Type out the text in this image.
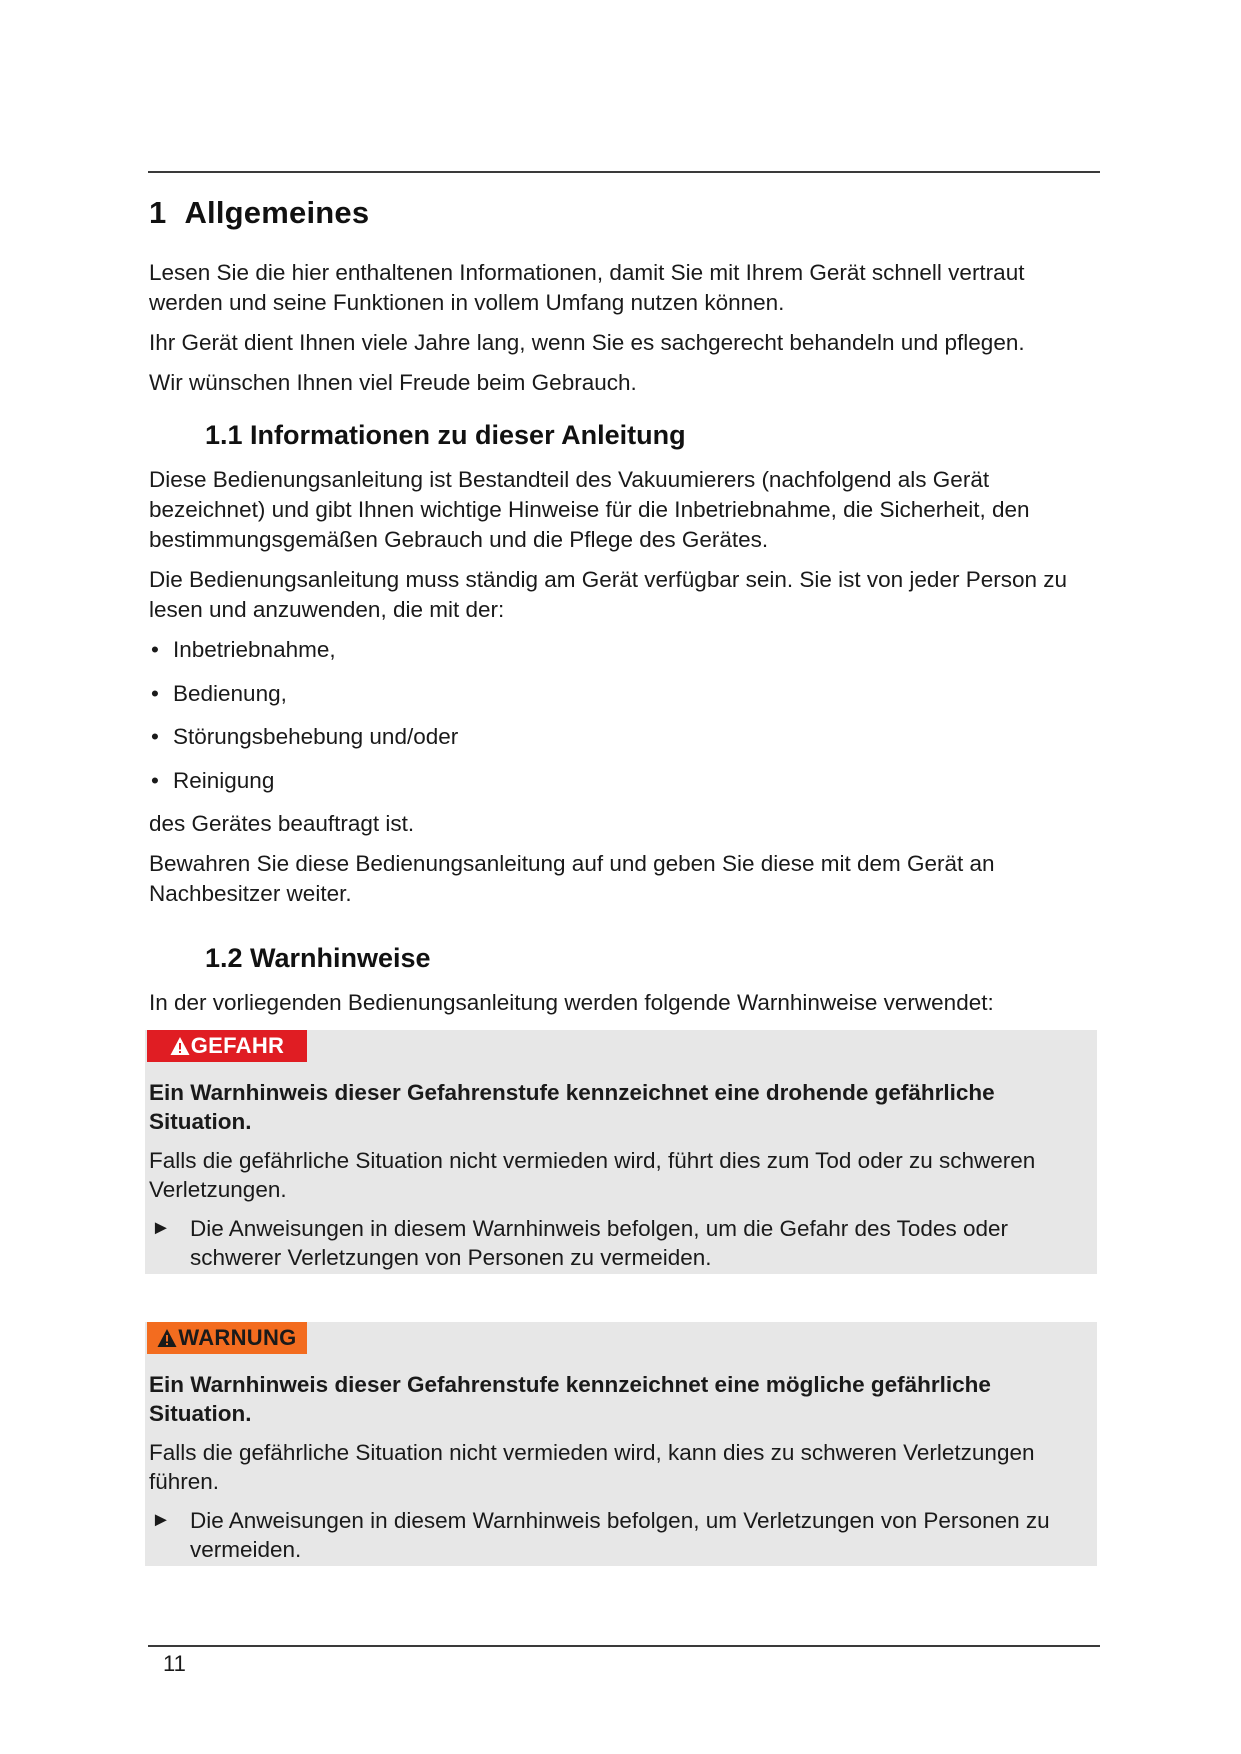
1 Allgemeines

Lesen Sie die hier enthaltenen Informationen, damit Sie mit Ihrem Gerät schnell vertraut werden und seine Funktionen in vollem Umfang nutzen können.

Ihr Gerät dient Ihnen viele Jahre lang, wenn Sie es sachgerecht behandeln und pflegen.

Wir wünschen Ihnen viel Freude beim Gebrauch.

1.1 Informationen zu dieser Anleitung

Diese Bedienungsanleitung ist Bestandteil des Vakuumierers (nachfolgend als Gerät bezeichnet) und gibt Ihnen wichtige Hinweise für die Inbetriebnahme, die Sicherheit, den bestimmungsgemäßen Gebrauch und die Pflege des Gerätes.

Die Bedienungsanleitung muss ständig am Gerät verfügbar sein. Sie ist von jeder Person zu lesen und anzuwenden, die mit der:

• Inbetriebnahme,
• Bedienung,
• Störungsbehebung und/oder
• Reinigung

des Gerätes beauftragt ist.

Bewahren Sie diese Bedienungsanleitung auf und geben Sie diese mit dem Gerät an Nachbesitzer weiter.

1.2 Warnhinweise

In der vorliegenden Bedienungsanleitung werden folgende Warnhinweise verwendet:

GEFAHR
Ein Warnhinweis dieser Gefahrenstufe kennzeichnet eine drohende gefährliche Situation.
Falls die gefährliche Situation nicht vermieden wird, führt dies zum Tod oder zu schweren Verletzungen.
► Die Anweisungen in diesem Warnhinweis befolgen, um die Gefahr des Todes oder schwerer Verletzungen von Personen zu vermeiden.
WARNUNG
Ein Warnhinweis dieser Gefahrenstufe kennzeichnet eine mögliche gefährliche Situation.
Falls die gefährliche Situation nicht vermieden wird, kann dies zu schweren Verletzungen führen.
► Die Anweisungen in diesem Warnhinweis befolgen, um Verletzungen von Personen zu vermeiden.
11
